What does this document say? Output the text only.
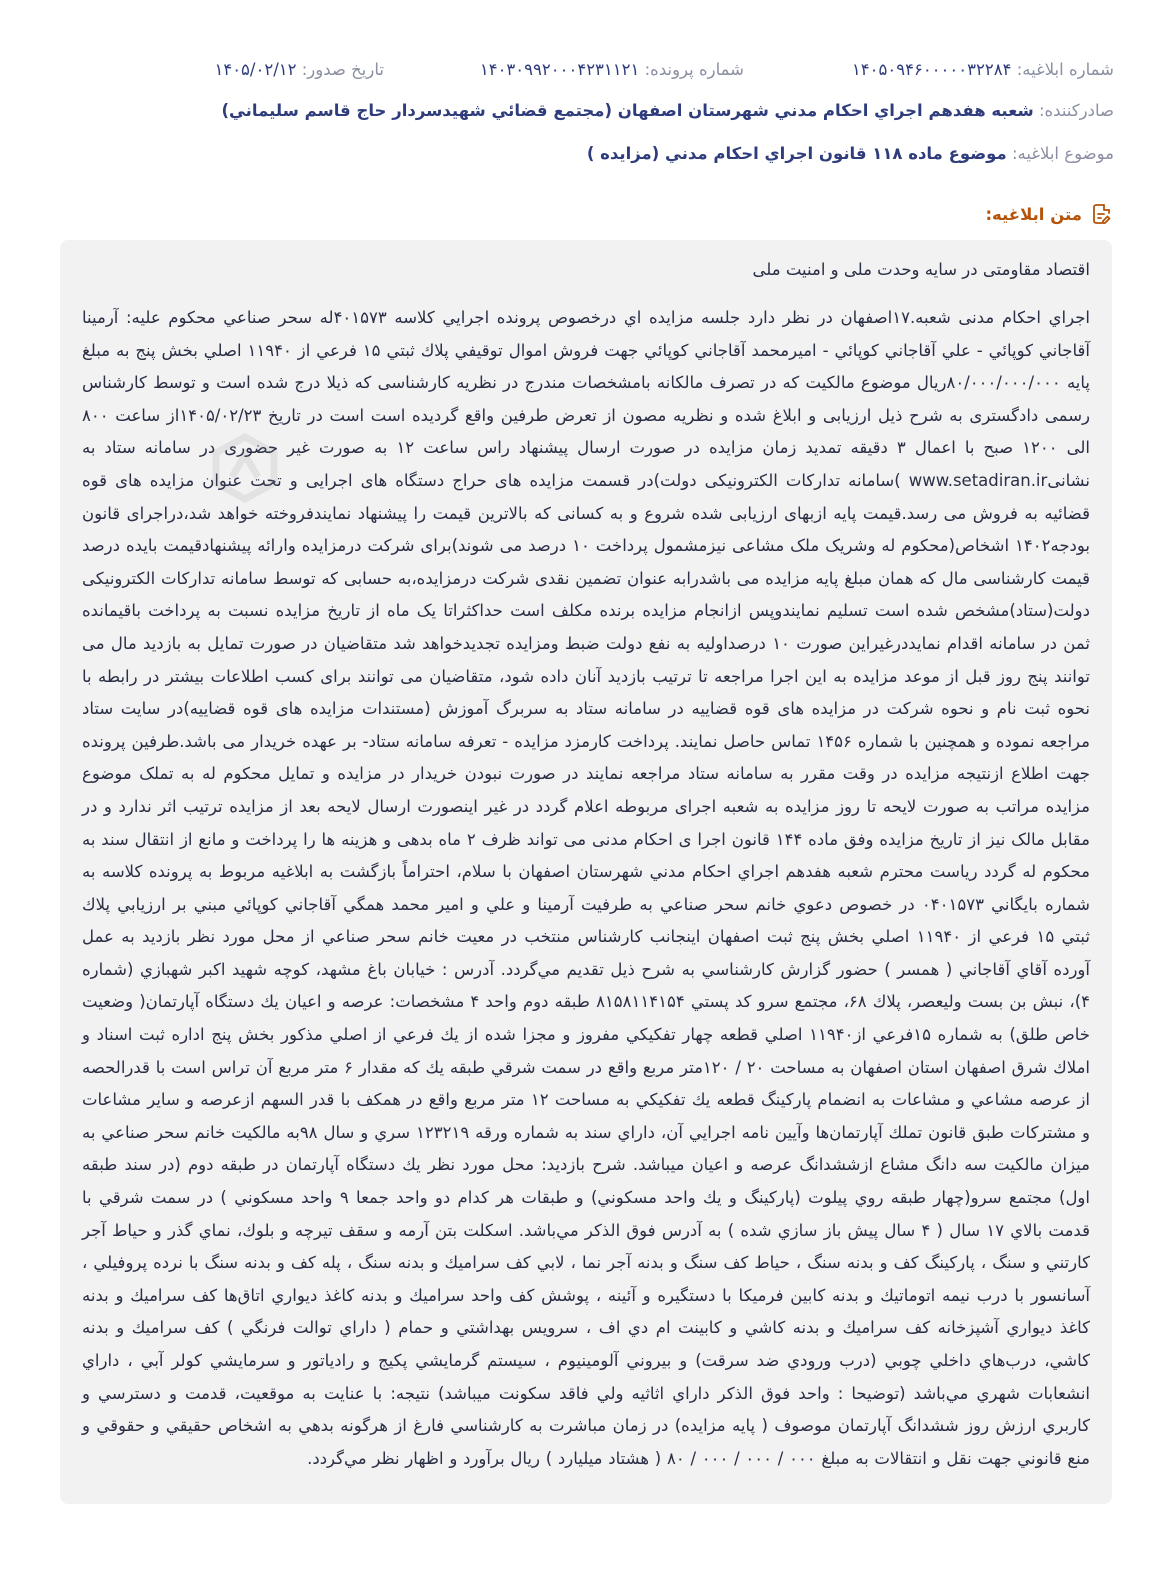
شماره ابلاغیه: ۱۴۰۵۰۹۴۶۰۰۰۰۰۳۲۲۸۴
شماره پرونده: ۱۴۰۳۰۹۹۲۰۰۰۴۲۳۱۱۲۱
تاریخ صدور: ۱۴۰۵/۰۲/۱۲
صادرکننده: شعبه هفدهم اجراي احكام مدني شهرستان اصفهان (مجتمع قضائي شهيدسردار حاج قاسم سليماني)
موضوع ابلاغیه: موضوع ماده ۱۱۸ قانون اجراي احکام مدني (مزايده )
متن ابلاغیه:

اقتصاد مقاومتی در سایه وحدت ملی و امنیت ملی

اجراي احكام مدنی شعبه.۱۷اصفهان در نظر دارد جلسه مزايده اي درخصوص پرونده اجرايي كلاسه ۴۰۱۵۷۳له سحر صناعي محكوم عليه: آرمينا آقاجاني كوپائي - علي آقاجاني كوپائي - اميرمحمد آقاجاني كوپائي جهت فروش اموال توقيفي پلاك ثبتي ۱۵ فرعي از ۱۱۹۴۰ اصلي بخش پنج به مبلغ پايه ۸۰/۰۰۰/۰۰۰/۰۰۰ريال موضوع مالكيت كه در تصرف مالكانه بامشخصات مندرج در نظريه كارشناسی كه ذيلا درج شده است و توسط كارشناس رسمی دادگستری به شرح ذيل ارزيابی و ابلاغ شده و نظريه مصون از تعرض طرفين واقع گرديده است است در تاريخ ۱۴۰۵/۰۲/۲۳از ساعت ۸۰۰ الی ۱۲۰۰ صبح با اعمال ۳ دقيقه تمديد زمان مزايده در صورت ارسال پيشنهاد راس ساعت ۱۲ به صورت غير حضوری در سامانه ستاد به نشانیwww.setadiran.ir )سامانه تداركات الكترونيكی دولت)در قسمت مزايده های حراج دستگاه های اجرايی و تحت عنوان مزايده های قوه قضائيه به فروش می رسد.قيمت پايه ازبهای ارزيابی شده شروع و به كسانی كه بالاترين قيمت را پيشنهاد نمايندفروخته خواهد شد،دراجرای قانون بودجه۱۴۰۲ اشخاص(محكوم له وشريک ملک مشاعی نيزمشمول پرداخت ۱۰ درصد می شوند)برای شركت درمزايده وارائه پيشنهادقيمت بايده درصد قيمت كارشناسی مال كه همان مبلغ پايه مزايده می باشدرابه عنوان تضمين نقدی شركت درمزايده،به حسابی كه توسط سامانه تداركات الكترونيكی دولت(ستاد)مشخص شده است تسليم نمايندوپس ازانجام مزايده برنده مكلف است حداكثراتا يک ماه از تاريخ مزايده نسبت به پرداخت باقيمانده ثمن در سامانه اقدام نمايددرغيراين صورت ۱۰ درصداوليه به نفع دولت ضبط ومزايده تجديدخواهد شد متقاضيان در صورت تمايل به بازديد مال می توانند پنج روز قبل از موعد مزايده به اين اجرا مراجعه تا ترتيب بازديد آنان داده شود، متقاضيان می توانند برای كسب اطلاعات بيشتر در رابطه با نحوه ثبت نام و نحوه شركت در مزايده های قوه قضاييه در سامانه ستاد به سربرگ آموزش (مستندات مزايده های قوه قضاييه)در سايت ستاد مراجعه نموده و همچنين با شماره ۱۴۵۶ تماس حاصل نمايند. پرداخت كارمزد مزايده - تعرفه سامانه ستاد- بر عهده خريدار می باشد.طرفين پرونده جهت اطلاع ازنتيجه مزايده در وقت مقرر به سامانه ستاد مراجعه نمايند در صورت نبودن خريدار در مزايده و تمايل محكوم له به تملک موضوع مزايده مراتب به صورت لايحه تا روز مزايده به شعبه اجرای مربوطه اعلام گردد در غير اينصورت ارسال لايحه بعد از مزايده ترتيب اثر ندارد و در مقابل مالک نيز از تاريخ مزايده وفق ماده ۱۴۴ قانون اجرا ی احكام مدنی می تواند ظرف ۲ ماه بدهی و هزينه ها را پرداخت و مانع از انتقال سند به محكوم له گردد رياست محترم شعبه هفدهم اجراي احكام مدني شهرستان اصفهان با سلام، احتراماً بازگشت به ابلاغيه مربوط به پرونده كلاسه به شماره بايگاني ۰۴۰۱۵۷۳ در خصوص دعوي خانم سحر صناعي به طرفيت آرمينا و علي و امير محمد همگي آقاجاني كوپائي مبني بر ارزيابي پلاك ثبتي ۱۵ فرعي از ۱۱۹۴۰ اصلي بخش پنج ثبت اصفهان اينجانب كارشناس منتخب در معيت خانم سحر صناعي از محل مورد نظر بازديد به عمل آورده آقاي آقاجاني ( همسر ) حضور گزارش كارشناسي به شرح ذيل تقديم مي‌گردد. آدرس : خيابان باغ مشهد، كوچه شهيد اكبر شهبازي (شماره ۴)، نبش بن بست وليعصر، پلاك ۶۸، مجتمع سرو كد پستي ۸۱۵۸۱۱۴۱۵۴ طبقه دوم واحد ۴ مشخصات: عرصه و اعيان يك دستگاه آپارتمان( وضعيت خاص طلق) به شماره ۱۵فرعي از۱۱۹۴۰ اصلي قطعه چهار تفكيكي مفروز و مجزا شده از يك فرعي از اصلي مذكور بخش پنج اداره ثبت اسناد و املاك شرق اصفهان استان اصفهان به مساحت ۲۰ / ۱۲۰متر مربع واقع در سمت شرقي طبقه يك كه مقدار ۶ متر مربع آن تراس است با قدرالحصه از عرصه مشاعي و مشاعات به انضمام پاركينگ قطعه يك تفكيكي به مساحت ۱۲ متر مربع واقع در همكف با قدر السهم ازعرصه و ساير مشاعات و مشتركات طبق قانون تملك آپارتمان‌ها وآيين نامه اجرايي آن، داراي سند به شماره ورقه ۱۲۳۲۱۹ سري و سال ۹۸به مالكيت خانم سحر صناعي به ميزان مالكيت سه دانگ مشاع ازششدانگ عرصه و اعيان ميباشد. شرح بازديد: محل مورد نظر يك دستگاه آپارتمان در طبقه دوم (در سند طبقه اول) مجتمع سرو(چهار طبقه روي پيلوت (پاركينگ و يك واحد مسكوني) و طبقات هر كدام دو واحد جمعا ۹ واحد مسكوني ) در سمت شرقي با قدمت بالاي ۱۷ سال ( ۴ سال پيش باز سازي شده ) به آدرس فوق الذكر مي‌باشد. اسكلت بتن آرمه و سقف تيرچه و بلوك، نماي گذر و حياط آجر كارتني و سنگ ، پاركينگ كف و بدنه سنگ ، حياط كف سنگ و بدنه آجر نما ، لابي كف سراميك و بدنه سنگ ، پله كف و بدنه سنگ با نرده پروفيلي ، آسانسور با درب نيمه اتوماتيك و بدنه كابين فرميكا با دستگيره و آئينه ، پوشش كف واحد سراميك و بدنه كاغذ ديواري اتاق‌ها كف سراميك و بدنه كاغذ ديواري آشپزخانه كف سراميك و بدنه كاشي و كابينت ام دي اف ، سرويس بهداشتي و حمام ( داراي توالت فرنگي ) كف سراميك و بدنه كاشي، درب‌هاي داخلي چوبي (درب ورودي ضد سرقت) و بيروني آلومينيوم ، سيستم گرمايشي پكيج و رادياتور و سرمايشي كولر آبي ، داراي انشعابات شهري مي‌باشد (توضيحا : واحد فوق الذكر داراي اثاثيه ولي فاقد سكونت ميباشد) نتيجه: با عنايت به موقعيت، قدمت و دسترسي و كاربري ارزش روز ششدانگ آپارتمان موصوف ( پايه مزايده) در زمان مباشرت به كارشناسي فارغ از هرگونه بدهي به اشخاص حقيقي و حقوقي و منع قانوني جهت نقل و انتقالات به مبلغ ۰۰۰ / ۰۰۰ / ۰۰۰ / ۸۰ ( هشتاد ميليارد ) ريال برآورد و اظهار نظر مي‌گردد.
